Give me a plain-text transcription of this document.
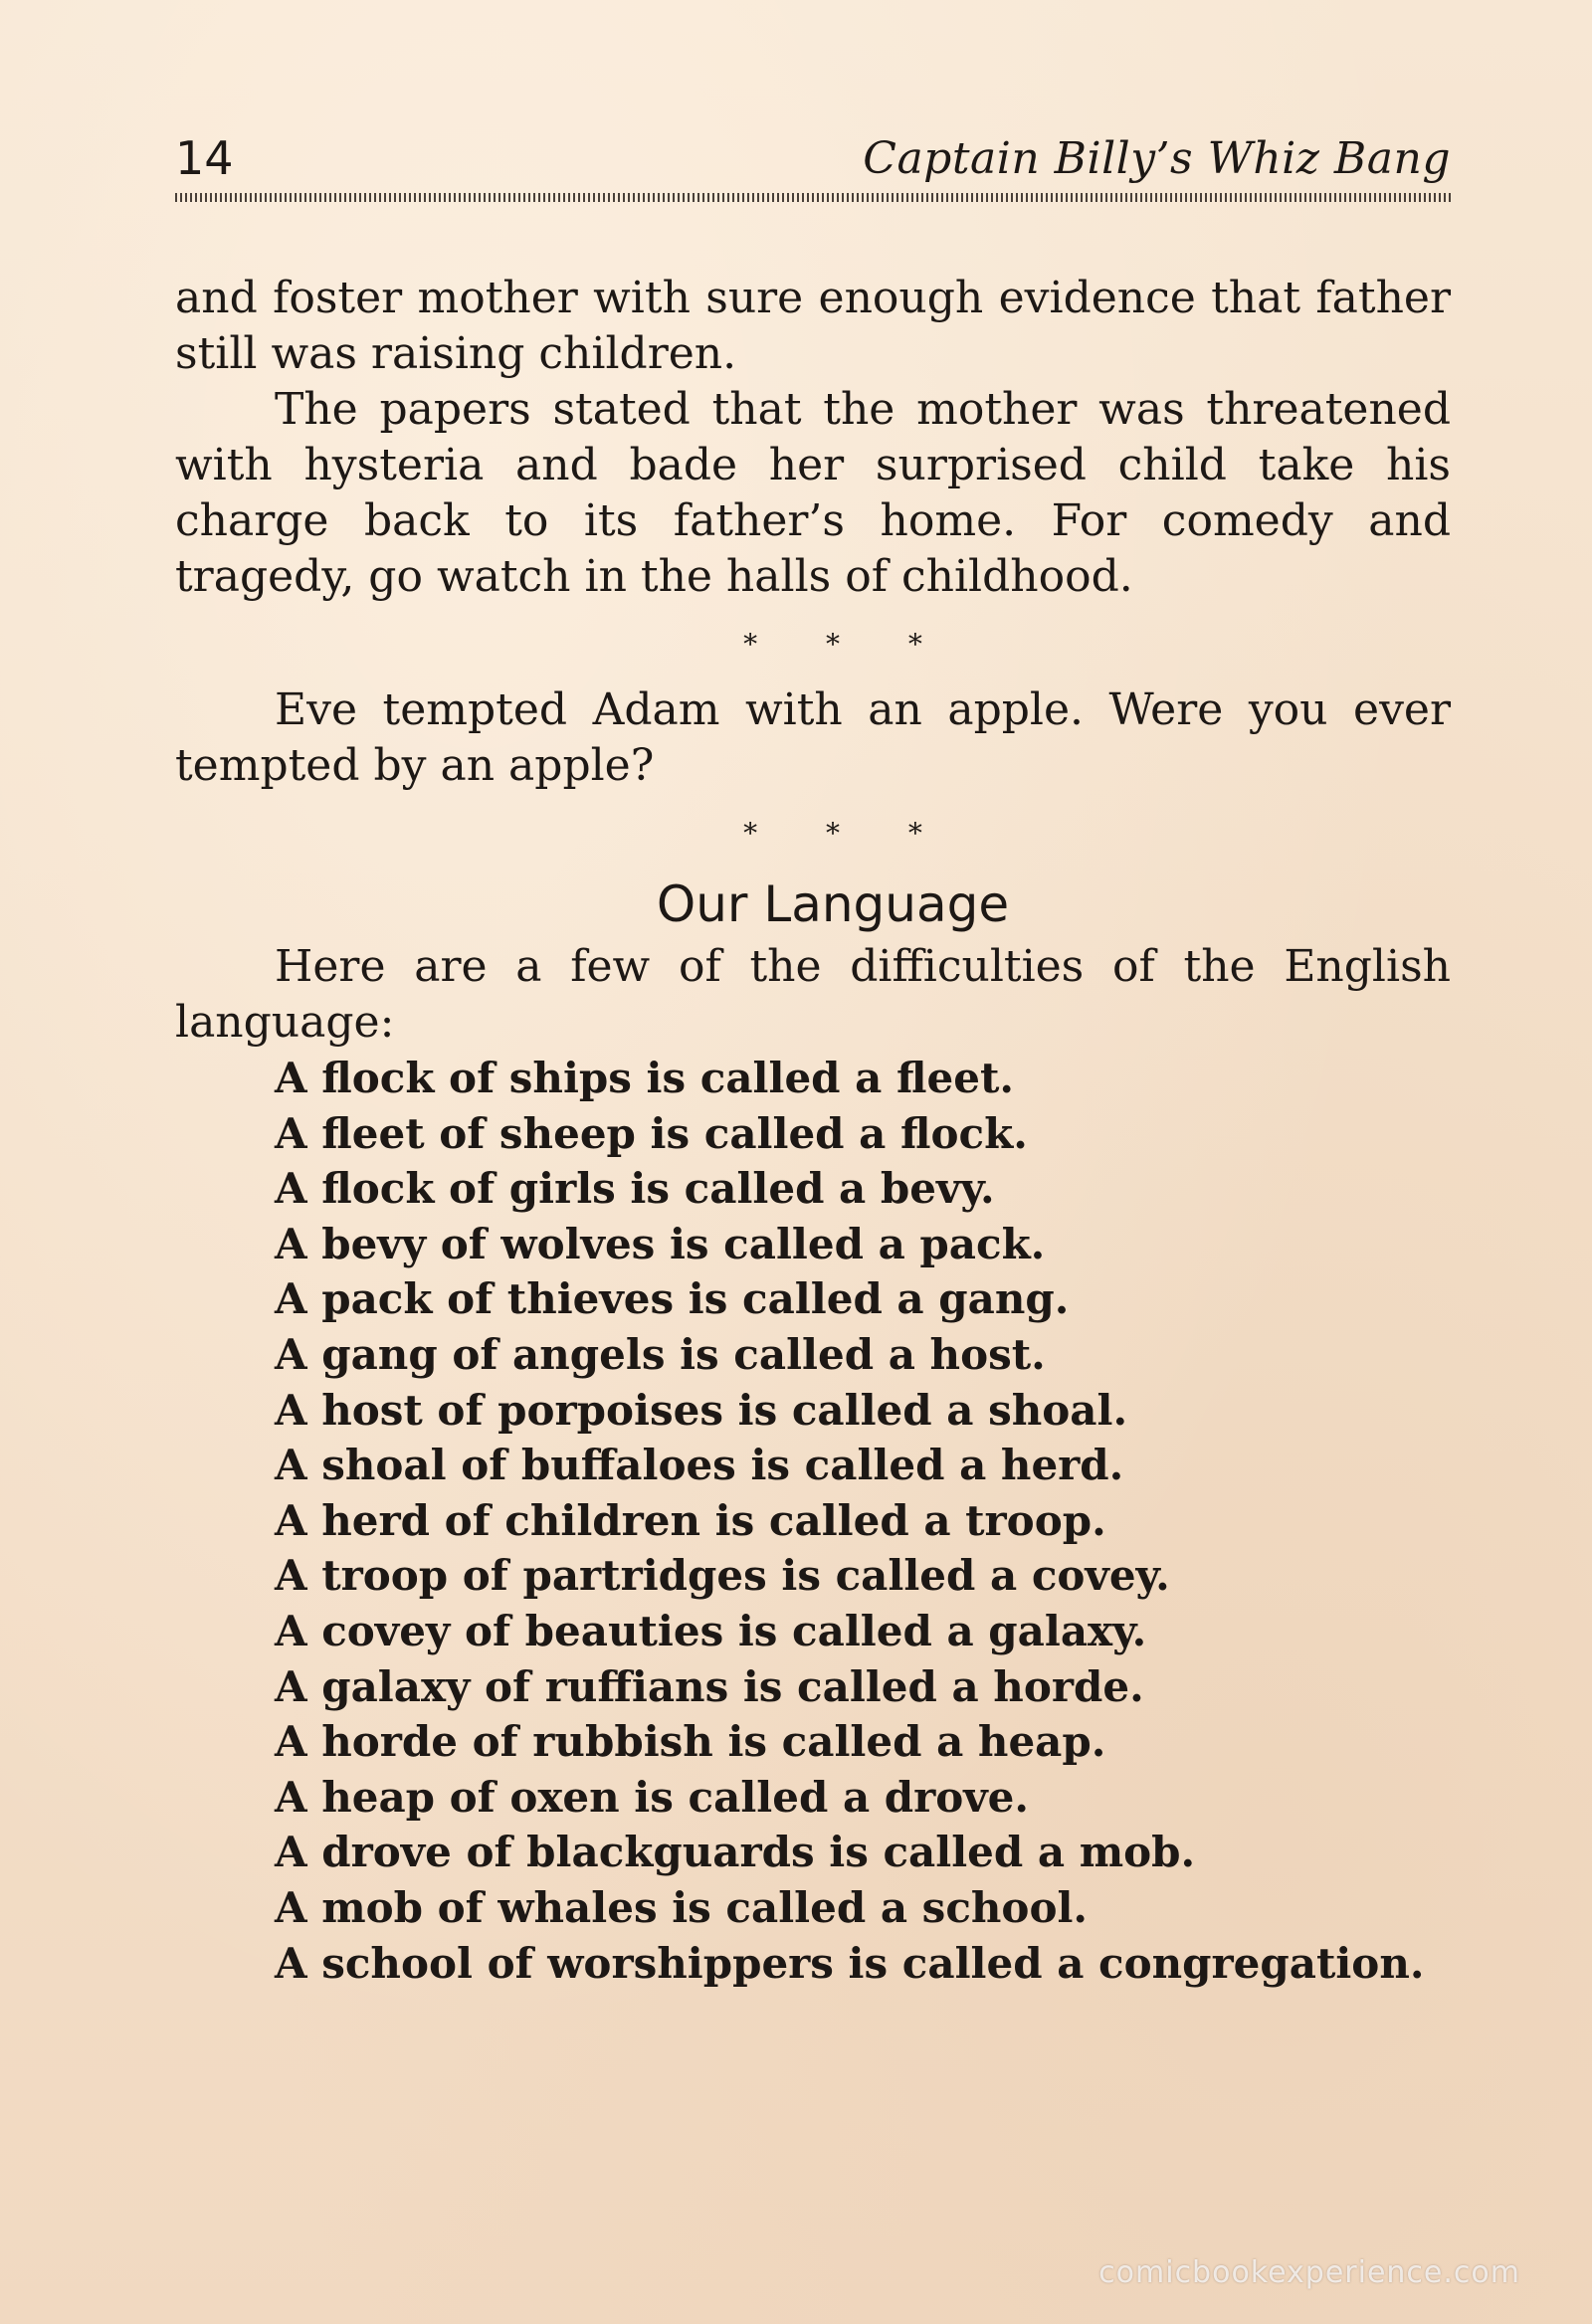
14	Captain Billy’s Whiz Bang

and foster mother with sure enough evidence that father still was raising children.

The papers stated that the mother was threatened with hysteria and bade her surprised child take his charge back to its father’s home. For comedy and tragedy, go watch in the halls of childhood.

* * *

Eve tempted Adam with an apple. Were you ever tempted by an apple?

* * *
Our Language

Here are a few of the difficulties of the English language:

A flock of ships is called a fleet.
A fleet of sheep is called a flock.
A flock of girls is called a bevy.
A bevy of wolves is called a pack.
A pack of thieves is called a gang.
A gang of angels is called a host.
A host of porpoises is called a shoal.
A shoal of buffaloes is called a herd.
A herd of children is called a troop.
A troop of partridges is called a covey.
A covey of beauties is called a galaxy.
A galaxy of ruffians is called a horde.
A horde of rubbish is called a heap.
A heap of oxen is called a drove.
A drove of blackguards is called a mob.
A mob of whales is called a school.
A school of worshippers is called a congregation.
comicbookexperience.com
